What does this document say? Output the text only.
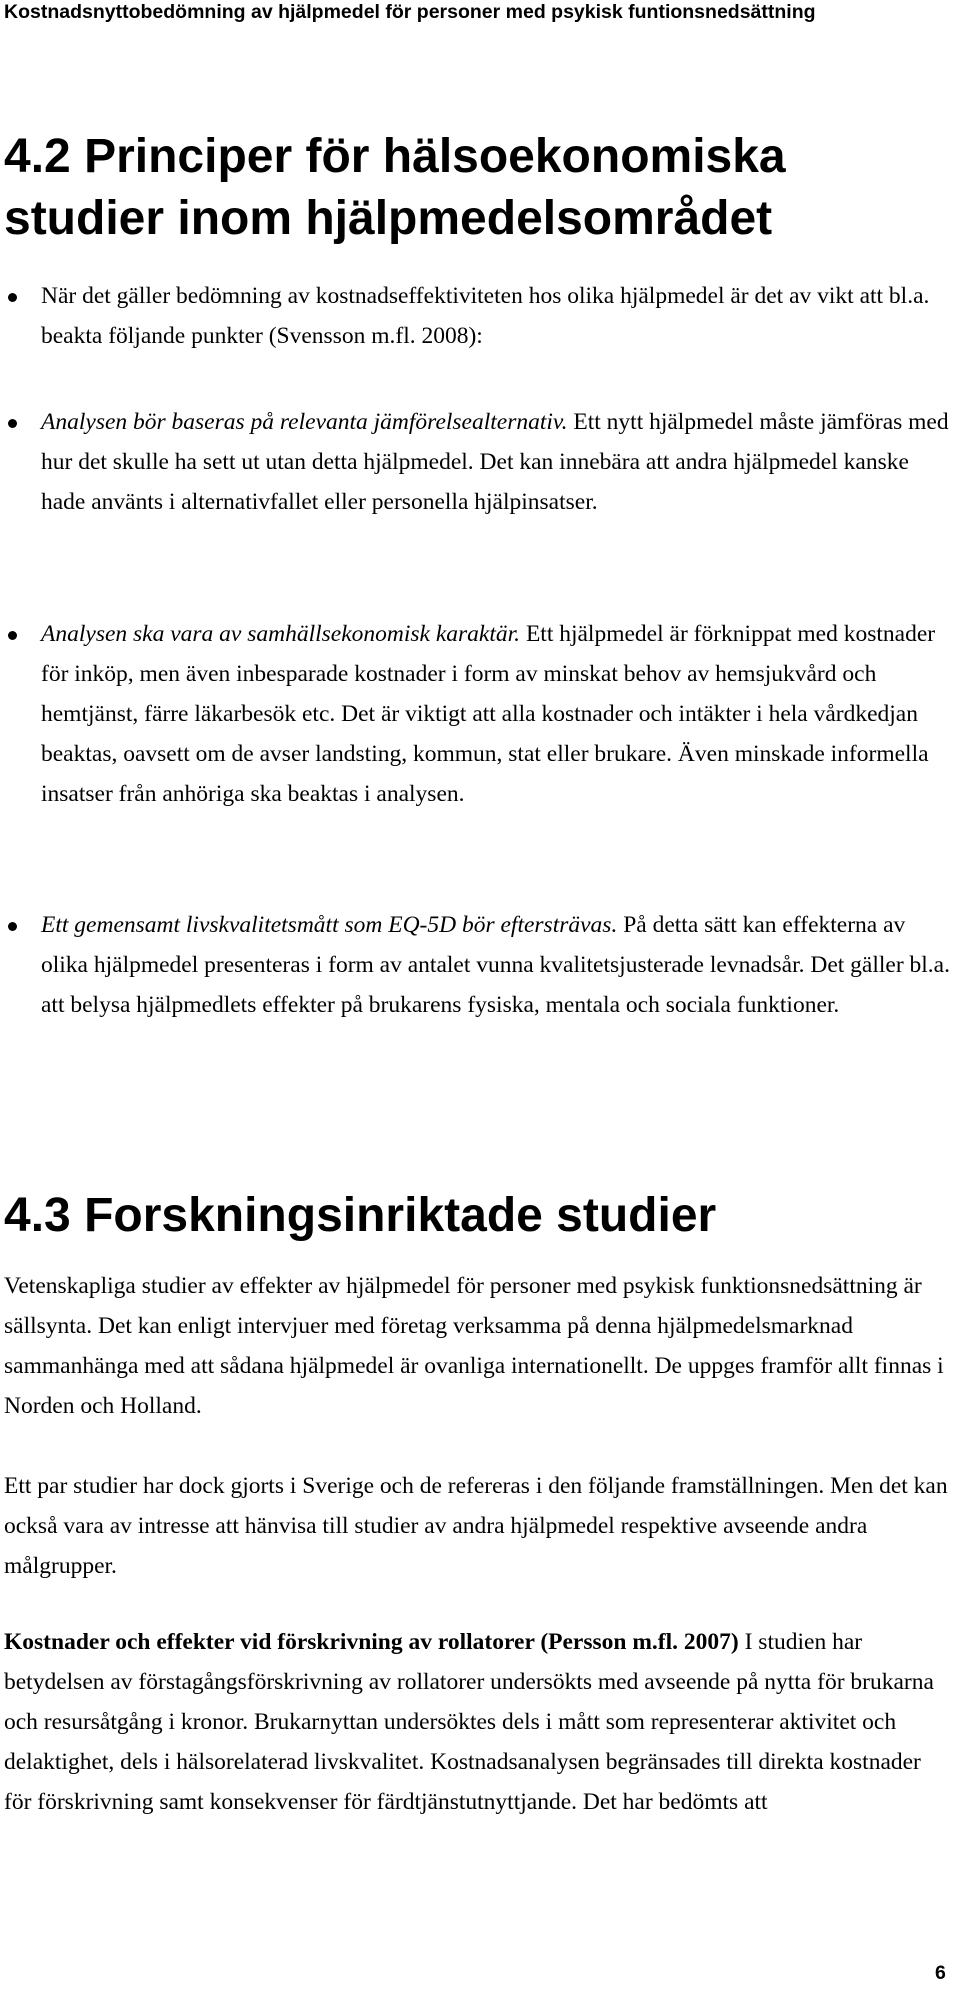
Kostnadsnyttobedömning av hjälpmedel för personer med psykisk funtionsnedsättning
4.2 Principer för hälsoekonomiska
studier inom hjälpmedelsområdet
När det gäller bedömning av kostnadseffektiviteten hos olika hjälpmedel är det av vikt att bl.a. beakta följande punkter (Svensson m.fl. 2008):
Analysen bör baseras på relevanta jämförelsealternativ. Ett nytt hjälpmedel måste jämföras med hur det skulle ha sett ut utan detta hjälpmedel. Det kan innebära att andra hjälpmedel kanske hade använts i alternativfallet eller personella hjälpinsatser.
Analysen ska vara av samhällsekonomisk karaktär. Ett hjälpmedel är förknippat med kostnader för inköp, men även inbesparade kostnader i form av minskat behov av hemsjukvård och hemtjänst, färre läkarbesök etc. Det är viktigt att alla kostnader och intäkter i hela vårdkedjan beaktas, oavsett om de avser landsting, kommun, stat eller brukare. Även minskade informella insatser från anhöriga ska beaktas i analysen.
Ett gemensamt livskvalitetsmått som EQ-5D bör eftersträvas. På detta sätt kan effekterna av olika hjälpmedel presenteras i form av antalet vunna kvalitetsjusterade levnadsår. Det gäller bl.a. att belysa hjälpmedlets effekter på brukarens fysiska, mentala och sociala funktioner.
4.3 Forskningsinriktade studier

Vetenskapliga studier av effekter av hjälpmedel för personer med psykisk funktionsnedsättning är sällsynta. Det kan enligt intervjuer med företag verksamma på denna hjälpmedelsmarknad sammanhänga med att sådana hjälpmedel är ovanliga internationellt. De uppges framför allt finnas i Norden och Holland.

Ett par studier har dock gjorts i Sverige och de refereras i den följande framställningen. Men det kan också vara av intresse att hänvisa till studier av andra hjälpmedel respektive avseende andra målgrupper.

Kostnader och effekter vid förskrivning av rollatorer (Persson m.fl. 2007) I studien har betydelsen av förstagångsförskrivning av rollatorer undersökts med avseende på nytta för brukarna och resursåtgång i kronor. Brukarnyttan undersöktes dels i mått som representerar aktivitet och delaktighet, dels i hälsorelaterad livskvalitet. Kostnadsanalysen begränsades till direkta kostnader för förskrivning samt konsekvenser för färdtjänstutnyttjande. Det har bedömts att

6
